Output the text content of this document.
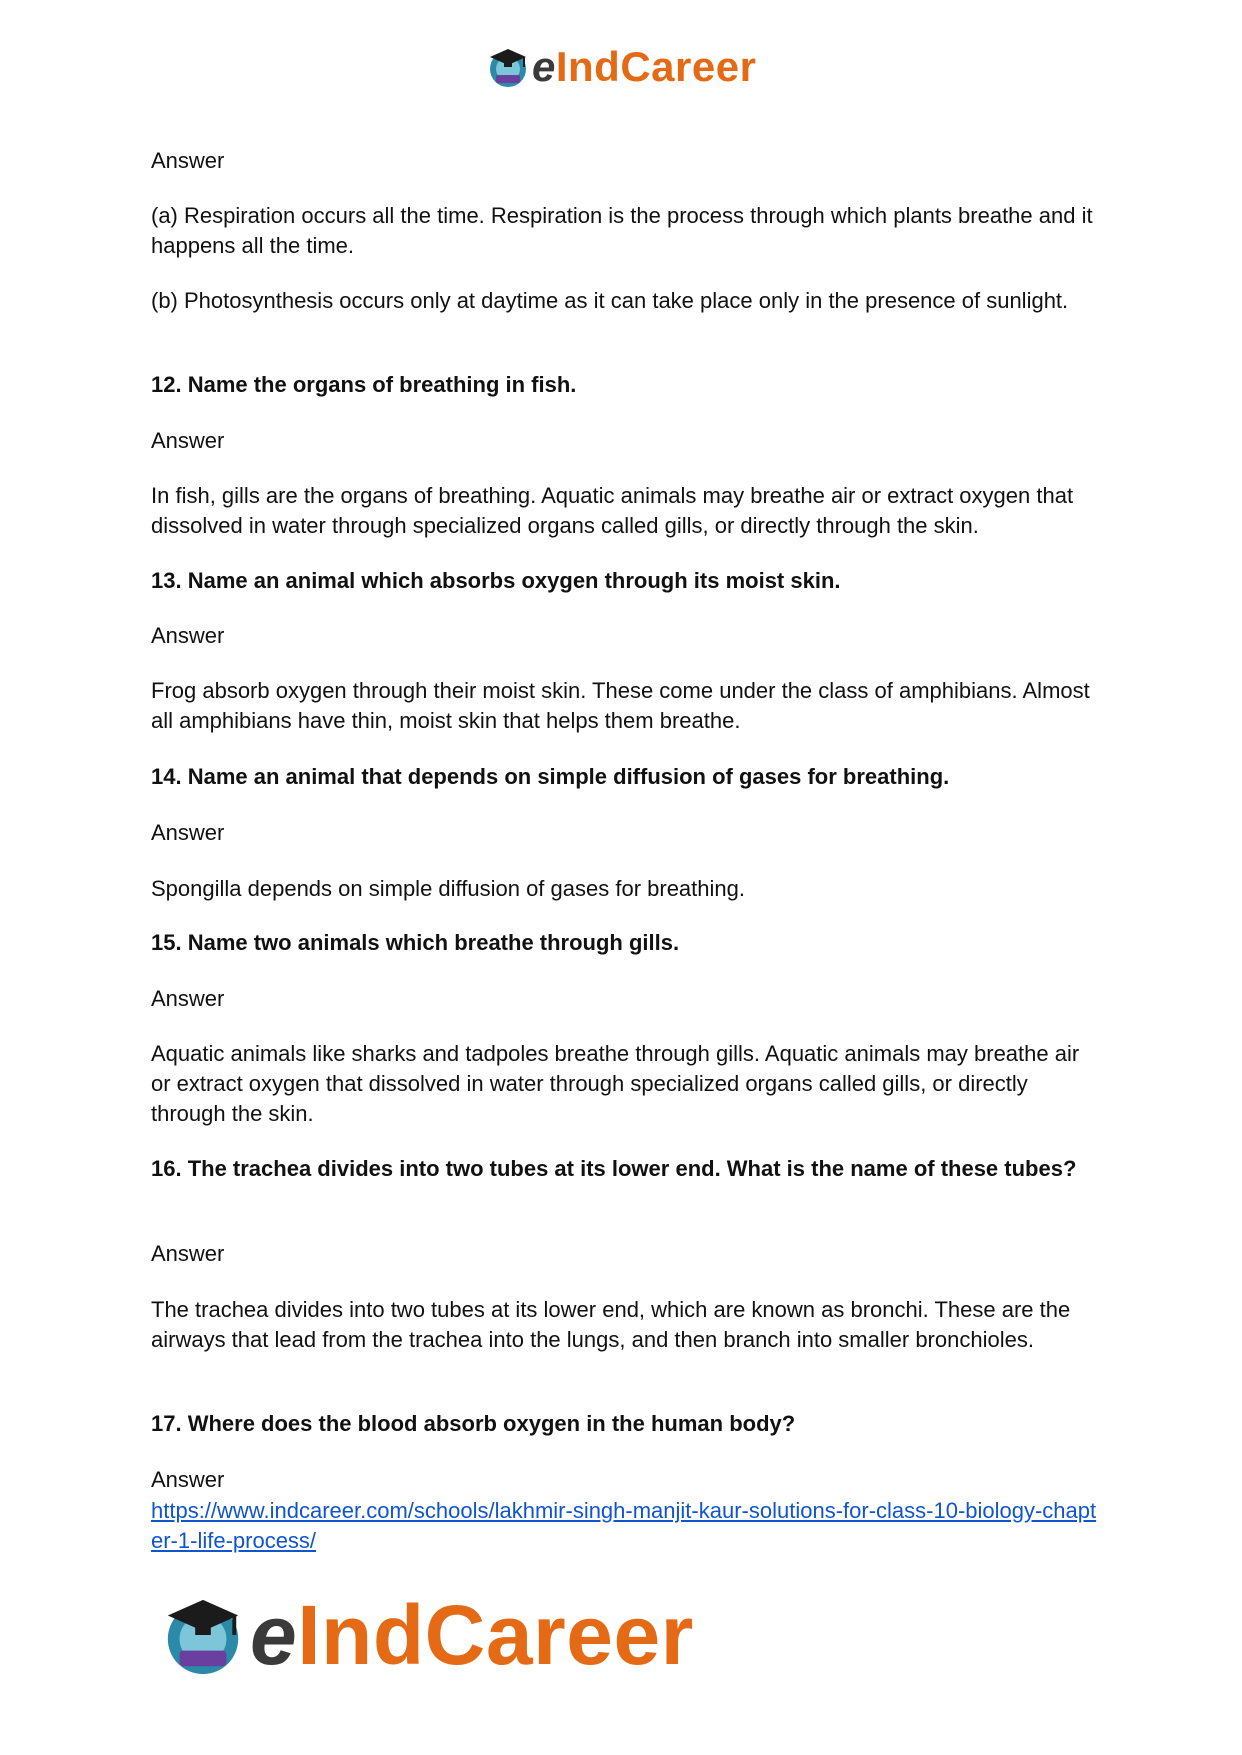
eIndCareer

Answer

(a) Respiration occurs all the time. Respiration is the process through which plants breathe and it happens all the time.

(b) Photosynthesis occurs only at daytime as it can take place only in the presence of sunlight.

12. Name the organs of breathing in fish.

Answer

In fish, gills are the organs of breathing. Aquatic animals may breathe air or extract oxygen that dissolved in water through specialized organs called gills, or directly through the skin.

13. Name an animal which absorbs oxygen through its moist skin.

Answer

Frog absorb oxygen through their moist skin. These come under the class of amphibians. Almost all amphibians have thin, moist skin that helps them breathe.

14. Name an animal that depends on simple diffusion of gases for breathing.

Answer

Spongilla depends on simple diffusion of gases for breathing.

15. Name two animals which breathe through gills.

Answer

Aquatic animals like sharks and tadpoles breathe through gills. Aquatic animals may breathe air or extract oxygen that dissolved in water through specialized organs called gills, or directly through the skin.

16. The trachea divides into two tubes at its lower end. What is the name of these tubes?

Answer

The trachea divides into two tubes at its lower end, which are known as bronchi. These are the airways that lead from the trachea into the lungs, and then branch into smaller bronchioles.

17. Where does the blood absorb oxygen in the human body?

Answer

https://www.indcareer.com/schools/lakhmir-singh-manjit-kaur-solutions-for-class-10-biology-chapter-1-life-process/
eIndCareer
